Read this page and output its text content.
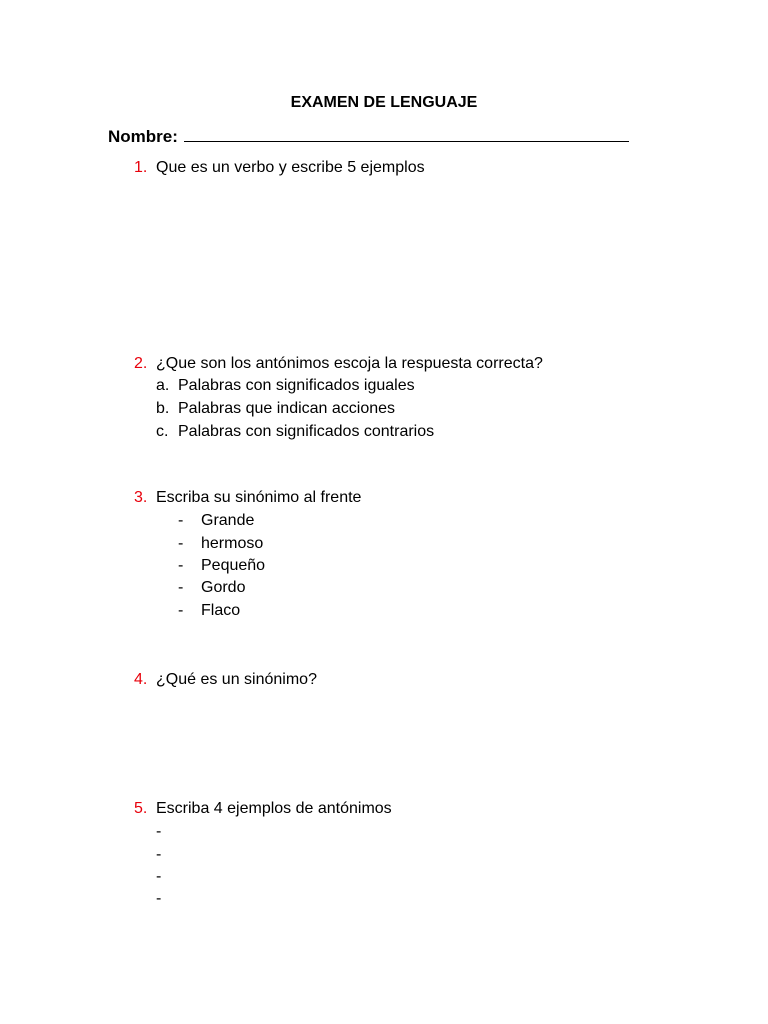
EXAMEN DE LENGUAJE
Nombre:
1. Que es un verbo y escribe 5 ejemplos
2. ¿Que son los antónimos escoja la respuesta correcta?
a. Palabras con significados iguales
b. Palabras que indican acciones
c. Palabras con significados contrarios
3. Escriba su sinónimo al frente
- Grande
- hermoso
- Pequeño
- Gordo
- Flaco
4. ¿Qué es un sinónimo?
5. Escriba 4 ejemplos de antónimos
-
-
-
-
